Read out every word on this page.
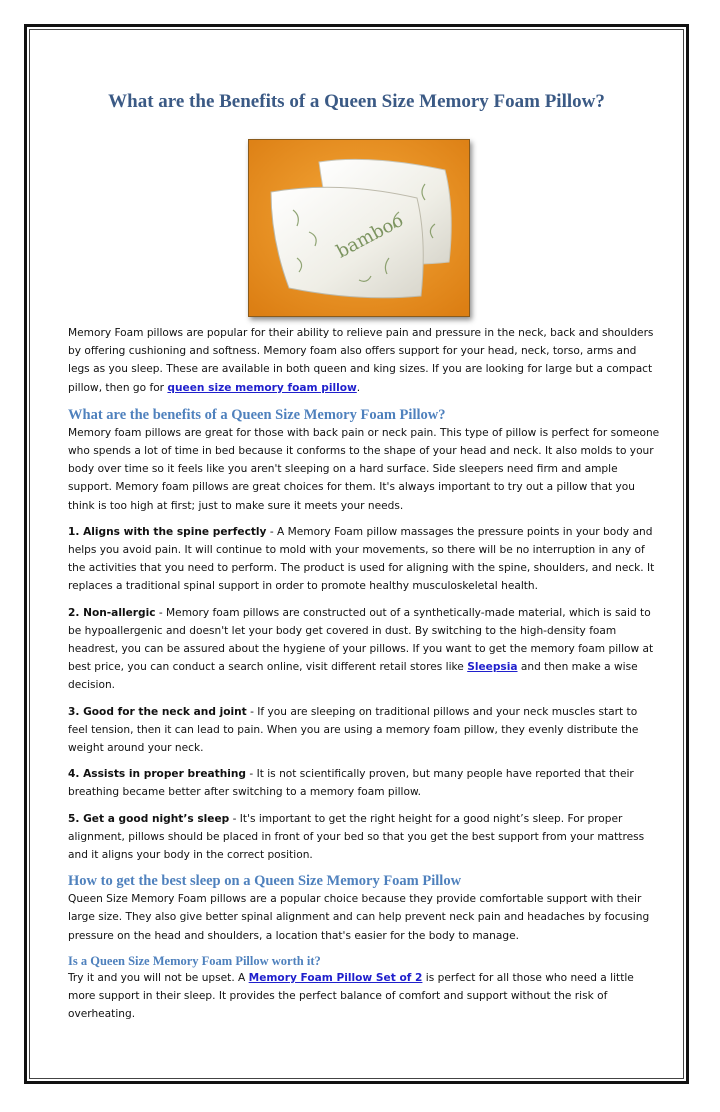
What are the Benefits of a Queen Size Memory Foam Pillow?
bamboo

Memory Foam pillows are popular for their ability to relieve pain and pressure in the neck, back and shoulders by offering cushioning and softness. Memory foam also offers support for your head, neck, torso, arms and legs as you sleep. These are available in both queen and king sizes. If you are looking for large but a compact pillow, then go for queen size memory foam pillow.

What are the benefits of a Queen Size Memory Foam Pillow?

Memory foam pillows are great for those with back pain or neck pain. This type of pillow is perfect for someone who spends a lot of time in bed because it conforms to the shape of your head and neck. It also molds to your body over time so it feels like you aren't sleeping on a hard surface. Side sleepers need firm and ample support. Memory foam pillows are great choices for them. It's always important to try out a pillow that you think is too high at first; just to make sure it meets your needs.

1. Aligns with the spine perfectly - A Memory Foam pillow massages the pressure points in your body and helps you avoid pain. It will continue to mold with your movements, so there will be no interruption in any of the activities that you need to perform. The product is used for aligning with the spine, shoulders, and neck. It replaces a traditional spinal support in order to promote healthy musculoskeletal health.

2. Non-allergic - Memory foam pillows are constructed out of a synthetically-made material, which is said to be hypoallergenic and doesn't let your body get covered in dust. By switching to the high-density foam headrest, you can be assured about the hygiene of your pillows. If you want to get the memory foam pillow at best price, you can conduct a search online, visit different retail stores like Sleepsia and then make a wise decision.

3. Good for the neck and joint - If you are sleeping on traditional pillows and your neck muscles start to feel tension, then it can lead to pain. When you are using a memory foam pillow, they evenly distribute the weight around your neck.

4. Assists in proper breathing - It is not scientifically proven, but many people have reported that their breathing became better after switching to a memory foam pillow.

5. Get a good night’s sleep - It's important to get the right height for a good night’s sleep. For proper alignment, pillows should be placed in front of your bed so that you get the best support from your mattress and it aligns your body in the correct position.

How to get the best sleep on a Queen Size Memory Foam Pillow

Queen Size Memory Foam pillows are a popular choice because they provide comfortable support with their large size. They also give better spinal alignment and can help prevent neck pain and headaches by focusing pressure on the head and shoulders, a location that's easier for the body to manage.

Is a Queen Size Memory Foam Pillow worth it?

Try it and you will not be upset. A Memory Foam Pillow Set of 2 is perfect for all those who need a little more support in their sleep. It provides the perfect balance of comfort and support without the risk of overheating.
